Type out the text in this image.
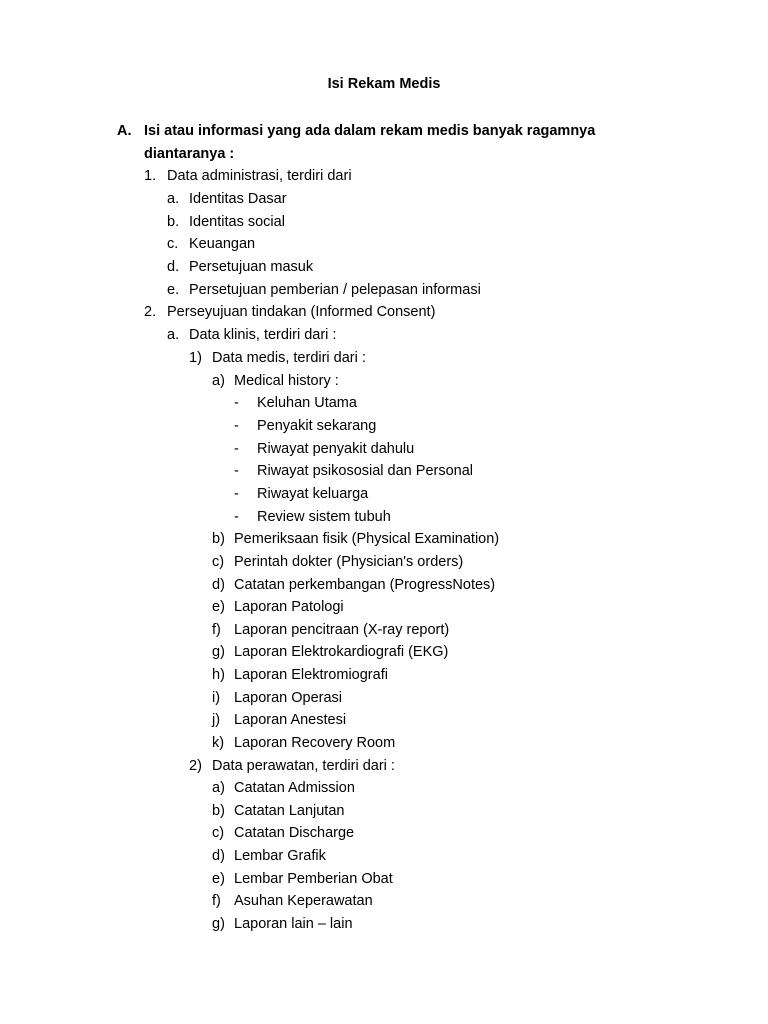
Isi Rekam Medis
A. Isi atau informasi yang ada dalam rekam medis banyak ragamnya
diantaranya :
1. Data administrasi, terdiri dari
a. Identitas Dasar
b. Identitas social
c. Keuangan
d. Persetujuan masuk
e. Persetujuan pemberian / pelepasan informasi
2. Perseyujuan tindakan (Informed Consent)
a. Data klinis, terdiri dari :
1) Data medis, terdiri dari :
a) Medical history :
- Keluhan Utama
- Penyakit sekarang
- Riwayat penyakit dahulu
- Riwayat psikososial dan Personal
- Riwayat keluarga
- Review sistem tubuh
b) Pemeriksaan fisik (Physical Examination)
c) Perintah dokter (Physician's orders)
d) Catatan perkembangan (ProgressNotes)
e) Laporan Patologi
f) Laporan pencitraan (X-ray report)
g) Laporan Elektrokardiografi (EKG)
h) Laporan Elektromiografi
i) Laporan Operasi
j) Laporan Anestesi
k) Laporan Recovery Room
2) Data perawatan, terdiri dari :
a) Catatan Admission
b) Catatan Lanjutan
c) Catatan Discharge
d) Lembar Grafik
e) Lembar Pemberian Obat
f) Asuhan Keperawatan
g) Laporan lain – lain
